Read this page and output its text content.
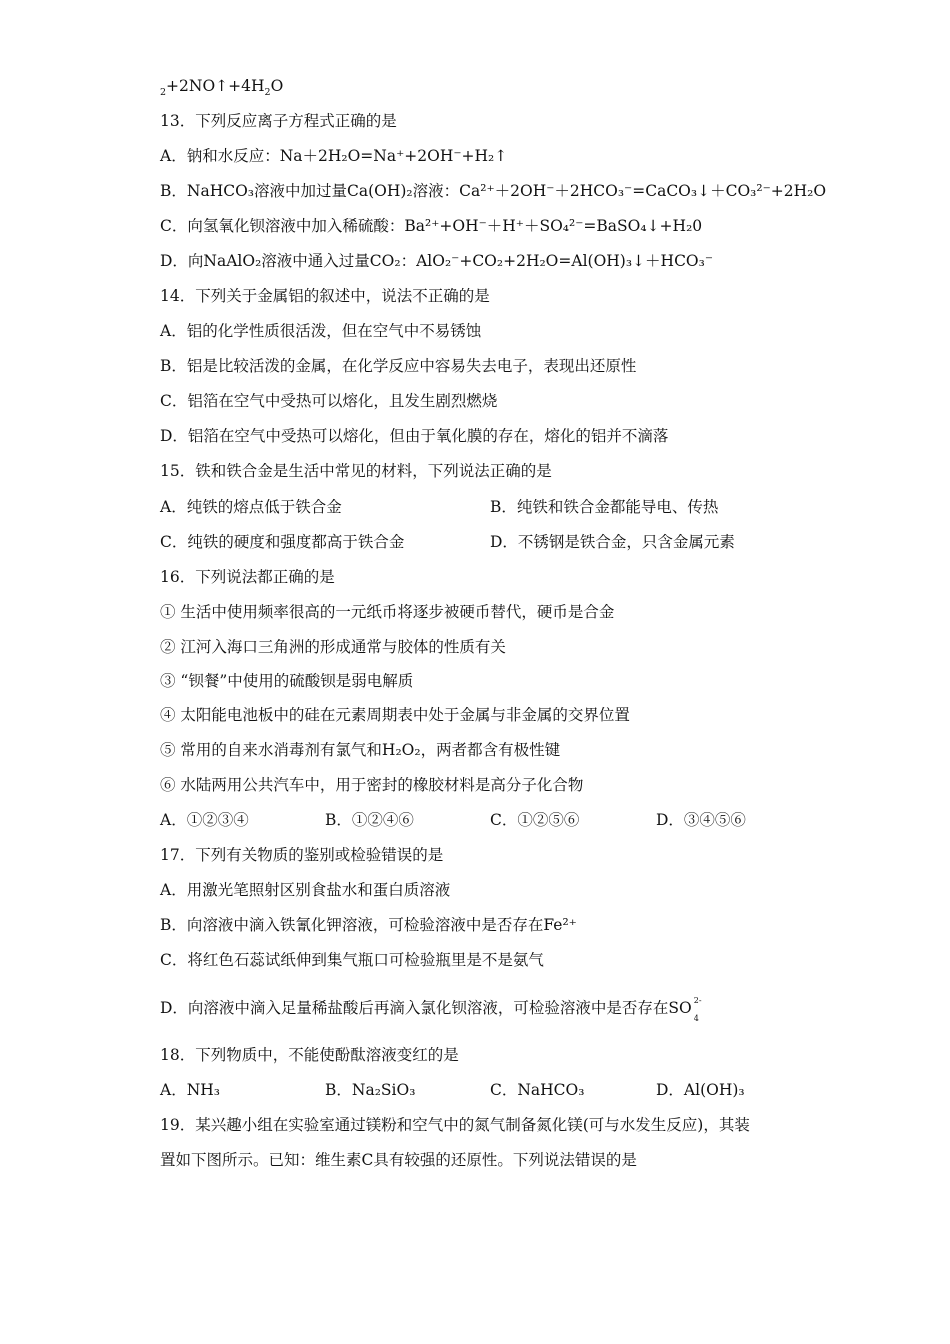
$_2+2NO↑+4H_2O$
13．下列反应离子方程式正确的是
A．钠和水反应：Na＋2H₂O=Na⁺+2OH⁻+H₂↑
B．NaHCO₃溶液中加过量Ca(OH)₂溶液：Ca²⁺＋2OH⁻＋2HCO₃⁻=CaCO₃↓＋CO₃²⁻+2H₂O
C．向氢氧化钡溶液中加入稀硫酸：Ba²⁺+OH⁻＋H⁺＋SO₄²⁻=BaSO₄↓+H₂0
D．向NaAlO₂溶液中通入过量CO₂：AlO₂⁻+CO₂+2H₂O=Al(OH)₃↓＋HCO₃⁻
14．下列关于金属铝的叙述中，说法不正确的是
A．铝的化学性质很活泼，但在空气中不易锈蚀
B．铝是比较活泼的金属，在化学反应中容易失去电子，表现出还原性
C．铝箔在空气中受热可以熔化，且发生剧烈燃烧
D．铝箔在空气中受热可以熔化，但由于氧化膜的存在，熔化的铝并不滴落
15．铁和铁合金是生活中常见的材料，下列说法正确的是
A．纯铁的熔点低于铁合金	B．纯铁和铁合金都能导电、传热
C．纯铁的硬度和强度都高于铁合金	D．不锈钢是铁合金，只含金属元素
16．下列说法都正确的是
① 生活中使用频率很高的一元纸币将逐步被硬币替代，硬币是合金
② 江河入海口三角洲的形成通常与胶体的性质有关
③ “钡餐”中使用的硫酸钡是弱电解质
④ 太阳能电池板中的硅在元素周期表中处于金属与非金属的交界位置
⑤ 常用的自来水消毒剂有氯气和H₂O₂，两者都含有极性键
⑥ 水陆两用公共汽车中，用于密封的橡胶材料是高分子化合物
A．①②③④	B．①②④⑥	C．①②⑤⑥	D．③④⑤⑥
17．下列有关物质的鉴别或检验错误的是
A．用激光笔照射区别食盐水和蛋白质溶液
B．向溶液中滴入铁氰化钾溶液，可检验溶液中是否存在Fe²⁺
C．将红色石蕊试纸伸到集气瓶口可检验瓶里是不是氨气
D．向溶液中滴入足量稀盐酸后再滴入氯化钡溶液，可检验溶液中是否存在SO 2-
4
18．下列物质中，不能使酚酞溶液变红的是
A．NH₃	B．Na₂SiO₃	C．NaHCO₃	D．Al(OH)₃
19．某兴趣小组在实验室通过镁粉和空气中的氮气制备氮化镁(可与水发生反应)，其装
置如下图所示。已知：维生素C具有较强的还原性。下列说法错误的是
